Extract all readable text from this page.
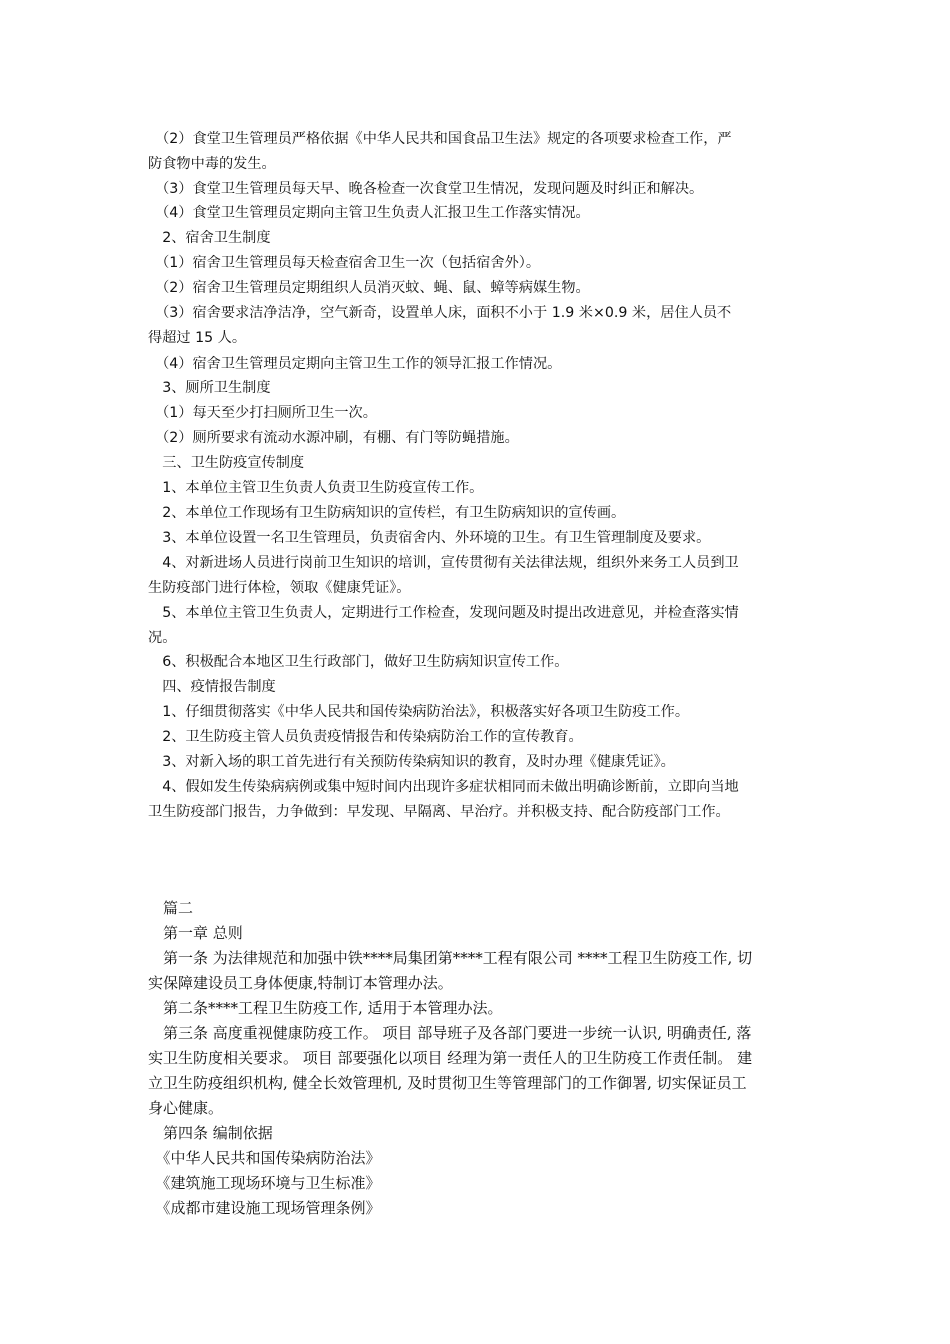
　（2）食堂卫生管理员严格依据《中华人民共和国食品卫生法》规定的各项要求检查工作，严
防食物中毒的发生。
　（3）食堂卫生管理员每天早、晚各检查一次食堂卫生情况，发现问题及时纠正和解决。
　（4）食堂卫生管理员定期向主管卫生负责人汇报卫生工作落实情况。
　2、宿舍卫生制度
　（1）宿舍卫生管理员每天检查宿舍卫生一次（包括宿舍外）。
　（2）宿舍卫生管理员定期组织人员消灭蚊、蝇、鼠、蟑等病媒生物。
　（3）宿舍要求洁净洁净，空气新奇，设置单人床，面积不小于 1.9 米×0.9 米，居住人员不
得超过 15 人。
　（4）宿舍卫生管理员定期向主管卫生工作的领导汇报工作情况。
　3、厕所卫生制度
　（1）每天至少打扫厕所卫生一次。
　（2）厕所要求有流动水源冲刷，有棚、有门等防蝇措施。
　三、卫生防疫宣传制度
　1、本单位主管卫生负责人负责卫生防疫宣传工作。
　2、本单位工作现场有卫生防病知识的宣传栏，有卫生防病知识的宣传画。
　3、本单位设置一名卫生管理员，负责宿舍内、外环境的卫生。有卫生管理制度及要求。
　4、对新进场人员进行岗前卫生知识的培训，宣传贯彻有关法律法规，组织外来务工人员到卫
生防疫部门进行体检，领取《健康凭证》。
　5、本单位主管卫生负责人，定期进行工作检查，发现问题及时提出改进意见，并检查落实情
况。
　6、积极配合本地区卫生行政部门，做好卫生防病知识宣传工作。
　四、疫情报告制度
　1、仔细贯彻落实《中华人民共和国传染病防治法》，积极落实好各项卫生防疫工作。
　2、卫生防疫主管人员负责疫情报告和传染病防治工作的宣传教育。
　3、对新入场的职工首先进行有关预防传染病知识的教育，及时办理《健康凭证》。
　4、假如发生传染病病例或集中短时间内出现许多症状相同而未做出明确诊断前，立即向当地
卫生防疫部门报告，力争做到：早发现、早隔离、早治疗。并积极支持、配合防疫部门工作。
　篇二
　第一章 总则
　第一条 为法律规范和加强中铁****局集团第****工程有限公司 ****工程卫生防疫工作, 切
实保障建设员工身体便康,特制订本管理办法。
　第二条****工程卫生防疫工作, 适用于本管理办法。
　第三条 高度重视健康防疫工作。 项目 部导班子及各部门要进一步统一认识, 明确责任, 落
实卫生防度相关要求。 项目 部要强化以项目 经理为第一责任人的卫生防疫工作责任制。 建
立卫生防疫组织机构, 健全长效管理机, 及时贯彻卫生等管理部门的工作御署, 切实保证员工
身心健康。
　第四条 编制依据
　《中华人民共和国传染病防治法》
　《建筑施工现场环境与卫生标准》
　《成都市建设施工现场管理条例》
